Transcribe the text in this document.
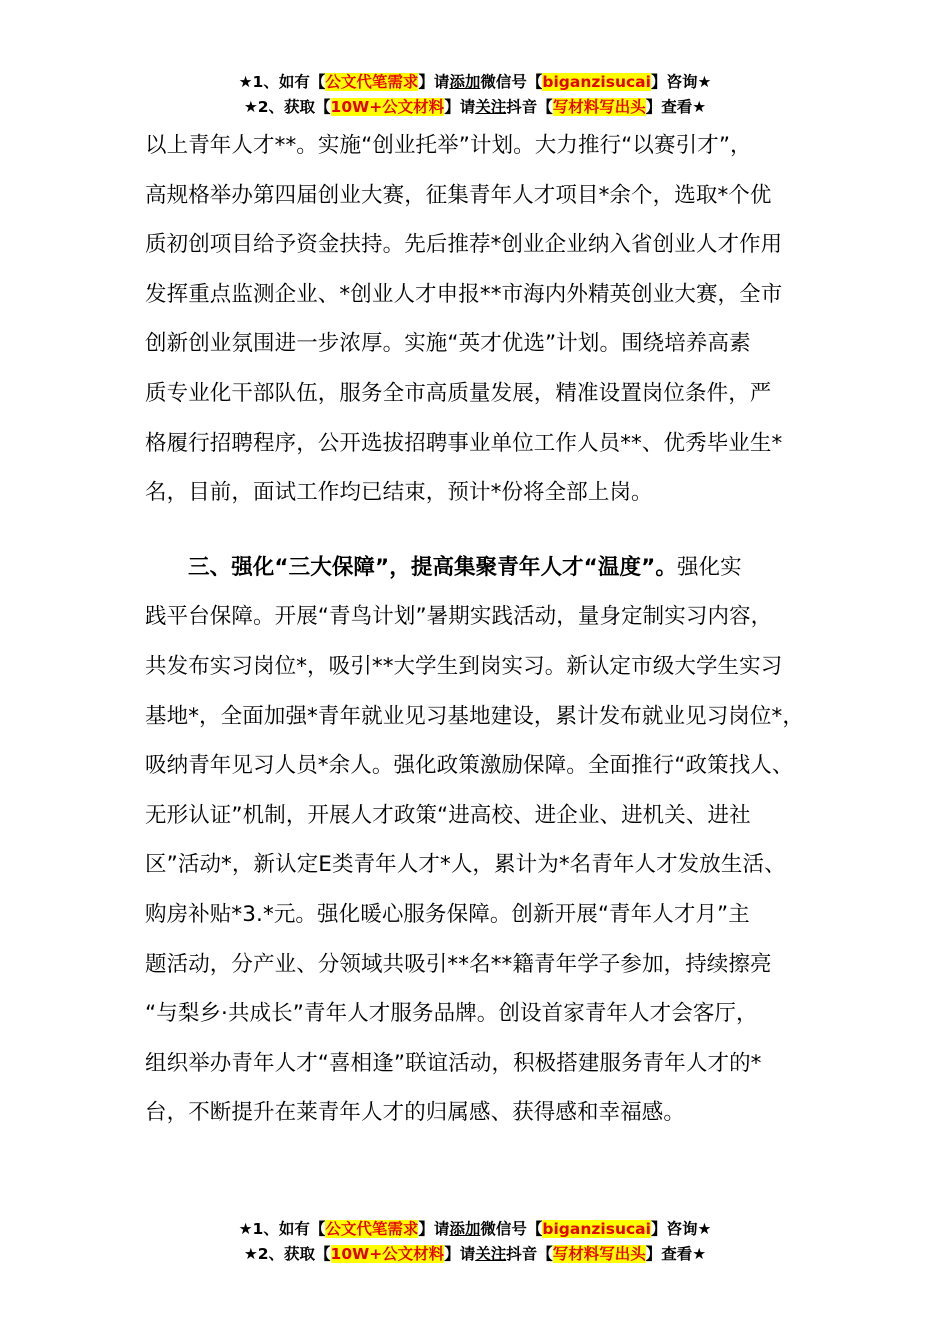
★1、如有【公文代笔需求】请添加微信号【biganzisucai】咨询★
★2、获取【10W+公文材料】请关注抖音【写材料写出头】查看★
以上青年人才**。实施“创业托举”计划。大力推行“以赛引才”，
高规格举办第四届创业大赛，征集青年人才项目*余个，选取*个优
质初创项目给予资金扶持。先后推荐*创业企业纳入省创业人才作用
发挥重点监测企业、*创业人才申报**市海内外精英创业大赛，全市
创新创业氛围进一步浓厚。实施“英才优选”计划。围绕培养高素
质专业化干部队伍，服务全市高质量发展，精准设置岗位条件，严
格履行招聘程序，公开选拔招聘事业单位工作人员**、优秀毕业生*
名，目前，面试工作均已结束，预计*份将全部上岗。
三、强化“三大保障”，提高集聚青年人才“温度”。强化实
践平台保障。开展“青鸟计划”暑期实践活动，量身定制实习内容，
共发布实习岗位*，吸引**大学生到岗实习。新认定市级大学生实习
基地*，全面加强*青年就业见习基地建设，累计发布就业见习岗位*，
吸纳青年见习人员*余人。强化政策激励保障。全面推行“政策找人、
无形认证”机制，开展人才政策“进高校、进企业、进机关、进社
区”活动*，新认定E类青年人才*人，累计为*名青年人才发放生活、
购房补贴*3.*元。强化暖心服务保障。创新开展“青年人才月”主
题活动，分产业、分领域共吸引**名**籍青年学子参加，持续擦亮
“与梨乡·共成长”青年人才服务品牌。创设首家青年人才会客厅，
组织举办青年人才“喜相逢”联谊活动，积极搭建服务青年人才的*
台，不断提升在莱青年人才的归属感、获得感和幸福感。
★1、如有【公文代笔需求】请添加微信号【biganzisucai】咨询★
★2、获取【10W+公文材料】请关注抖音【写材料写出头】查看★
